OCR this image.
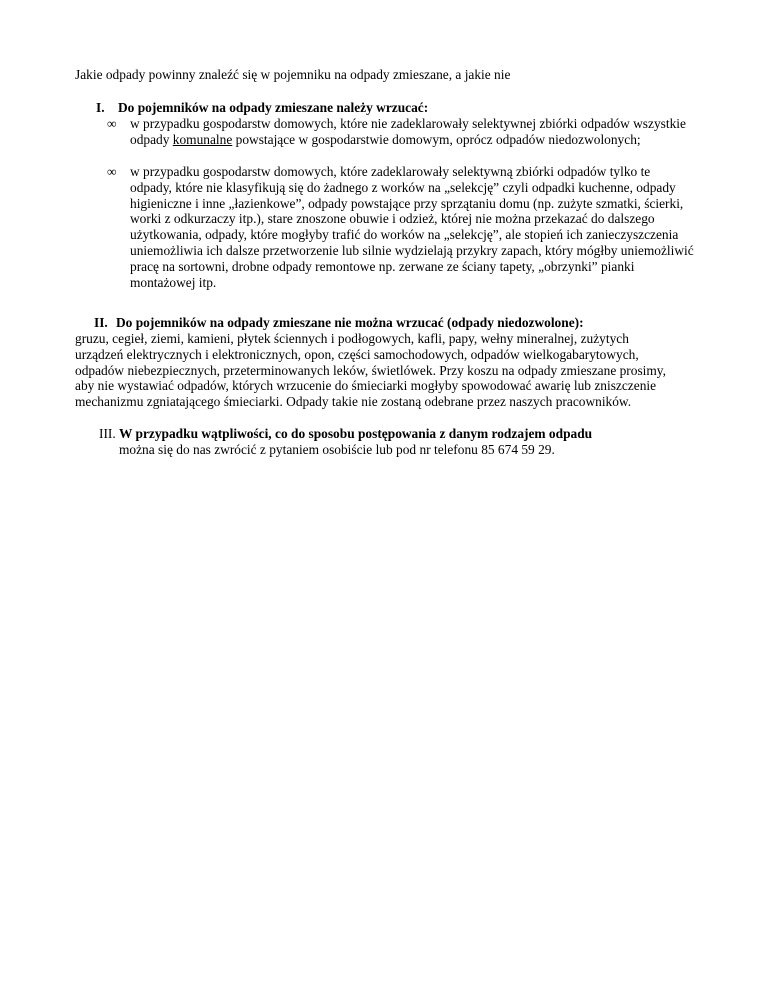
Jakie odpady powinny znaleźć się w pojemniku na odpady zmieszane, a jakie nie

I. Do pojemników na odpady zmieszane należy wrzucać:

∞	w przypadku gospodarstw domowych, które nie zadeklarowały selektywnej zbiórki odpadów wszystkie odpady komunalne powstające w gospodarstwie domowym, oprócz odpadów niedozwolonych;
∞	w przypadku gospodarstw domowych, które zadeklarowały selektywną zbiórki odpadów tylko te odpady, które nie klasyfikują się do żadnego z worków na „selekcję” czyli odpadki kuchenne, odpady higieniczne i inne „łazienkowe”, odpady powstające przy sprzątaniu domu (np. zużyte szmatki, ścierki, worki z odkurzaczy itp.), stare znoszone obuwie i odzież, której nie można przekazać do dalszego użytkowania, odpady, które mogłyby trafić do worków na „selekcję”, ale stopień ich zanieczyszczenia uniemożliwia ich dalsze przetworzenie lub silnie wydzielają przykry zapach, który mógłby uniemożliwić pracę na sortowni, drobne odpady remontowe np. zerwane ze ściany tapety, „obrzynki” pianki montażowej itp.

II. Do pojemników na odpady zmieszane nie można wrzucać (odpady niedozwolone):

gruzu, cegieł, ziemi, kamieni, płytek ściennych i podłogowych, kafli, papy, wełny mineralnej, zużytych urządzeń elektrycznych i elektronicznych, opon, części samochodowych, odpadów wielkogabarytowych, odpadów niebezpiecznych, przeterminowanych leków, świetlówek. Przy koszu na odpady zmieszane prosimy, aby nie wystawiać odpadów, których wrzucenie do śmieciarki mogłyby spowodować awarię lub zniszczenie mechanizmu zgniatającego śmieciarki. Odpady takie nie zostaną odebrane przez naszych pracowników.

III. W przypadku wątpliwości, co do sposobu postępowania z danym rodzajem odpadu
można się do nas zwrócić z pytaniem osobiście lub pod nr telefonu 85 674 59 29.
